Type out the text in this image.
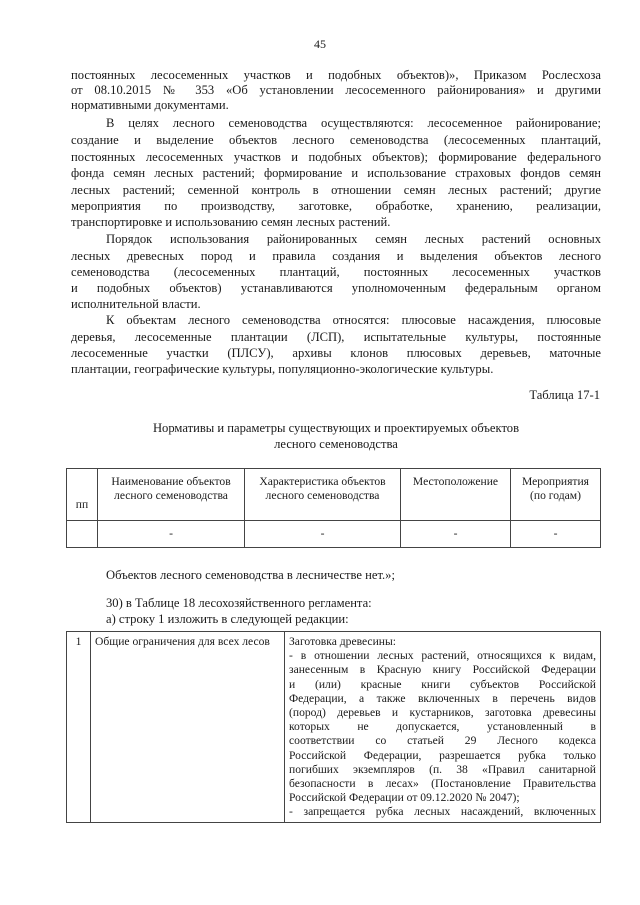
45
постоянных лесосеменных участков и подобных объектов)», Приказом Рослесхоза
от 08.10.2015 № 353 «Об установлении лесосеменного районирования» и другими
нормативными документами.
В целях лесного семеноводства осуществляются: лесосеменное районирование;
создание и выделение объектов лесного семеноводства (лесосеменных плантаций,
постоянных лесосеменных участков и подобных объектов); формирование федерального
фонда семян лесных растений; формирование и использование страховых фондов семян
лесных растений; семенной контроль в отношении семян лесных растений; другие
мероприятия по производству, заготовке, обработке, хранению, реализации,
транспортировке и использованию семян лесных растений.
Порядок использования районированных семян лесных растений основных
лесных древесных пород и правила создания и выделения объектов лесного
семеноводства (лесосеменных плантаций, постоянных лесосеменных участков
и подобных объектов) устанавливаются уполномоченным федеральным органом
исполнительной власти.
К объектам лесного семеноводства относятся: плюсовые насаждения, плюсовые
деревья, лесосеменные плантации (ЛСП), испытательные культуры, постоянные
лесосеменные участки (ПЛСУ), архивы клонов плюсовых деревьев, маточные
плантации, географические культуры, популяционно-экологические культуры.
Таблица 17-1
Нормативы и параметры существующих и проектируемых объектов
лесного семеноводства
пп	Наименование объектов лесного семеноводства	Характеристика объектов лесного семеноводства	Местоположение	Мероприятия (по годам)
	-	-	-	-
Объектов лесного семеноводства в лесничестве нет.»;
30) в Таблице 18 лесохозяйственного регламента:
а) строку 1 изложить в следующей редакции:
1	Общие ограничения для всех лесов	Заготовка древесины:
- в отношении лесных растений, относящихся к видам,
занесенным в Красную книгу Российской Федерации
и (или) красные книги субъектов Российской
Федерации, а также включенных в перечень видов
(пород) деревьев и кустарников, заготовка древесины
которых не допускается, установленный в
соответствии со статьей 29 Лесного кодекса
Российской Федерации, разрешается рубка только
погибших экземпляров (п. 38 «Правил санитарной
безопасности в лесах» (Постановление Правительства
Российской Федерации от 09.12.2020 № 2047);
- запрещается рубка лесных насаждений, включенных
